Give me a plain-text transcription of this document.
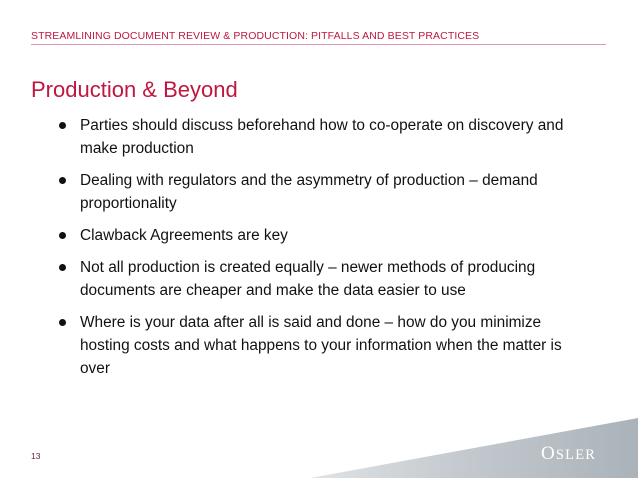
STREAMLINING DOCUMENT REVIEW & PRODUCTION: PITFALLS AND BEST PRACTICES
Production & Beyond
Parties should discuss beforehand how to co-operate on discovery and
make production
Dealing with regulators and the asymmetry of production – demand
proportionality
Clawback Agreements are key
Not all production is created equally – newer methods of producing
documents are cheaper and make the data easier to use
Where is your data after all is said and done – how do you minimize
hosting costs and what happens to your information when the matter is
over
13	OSLER
